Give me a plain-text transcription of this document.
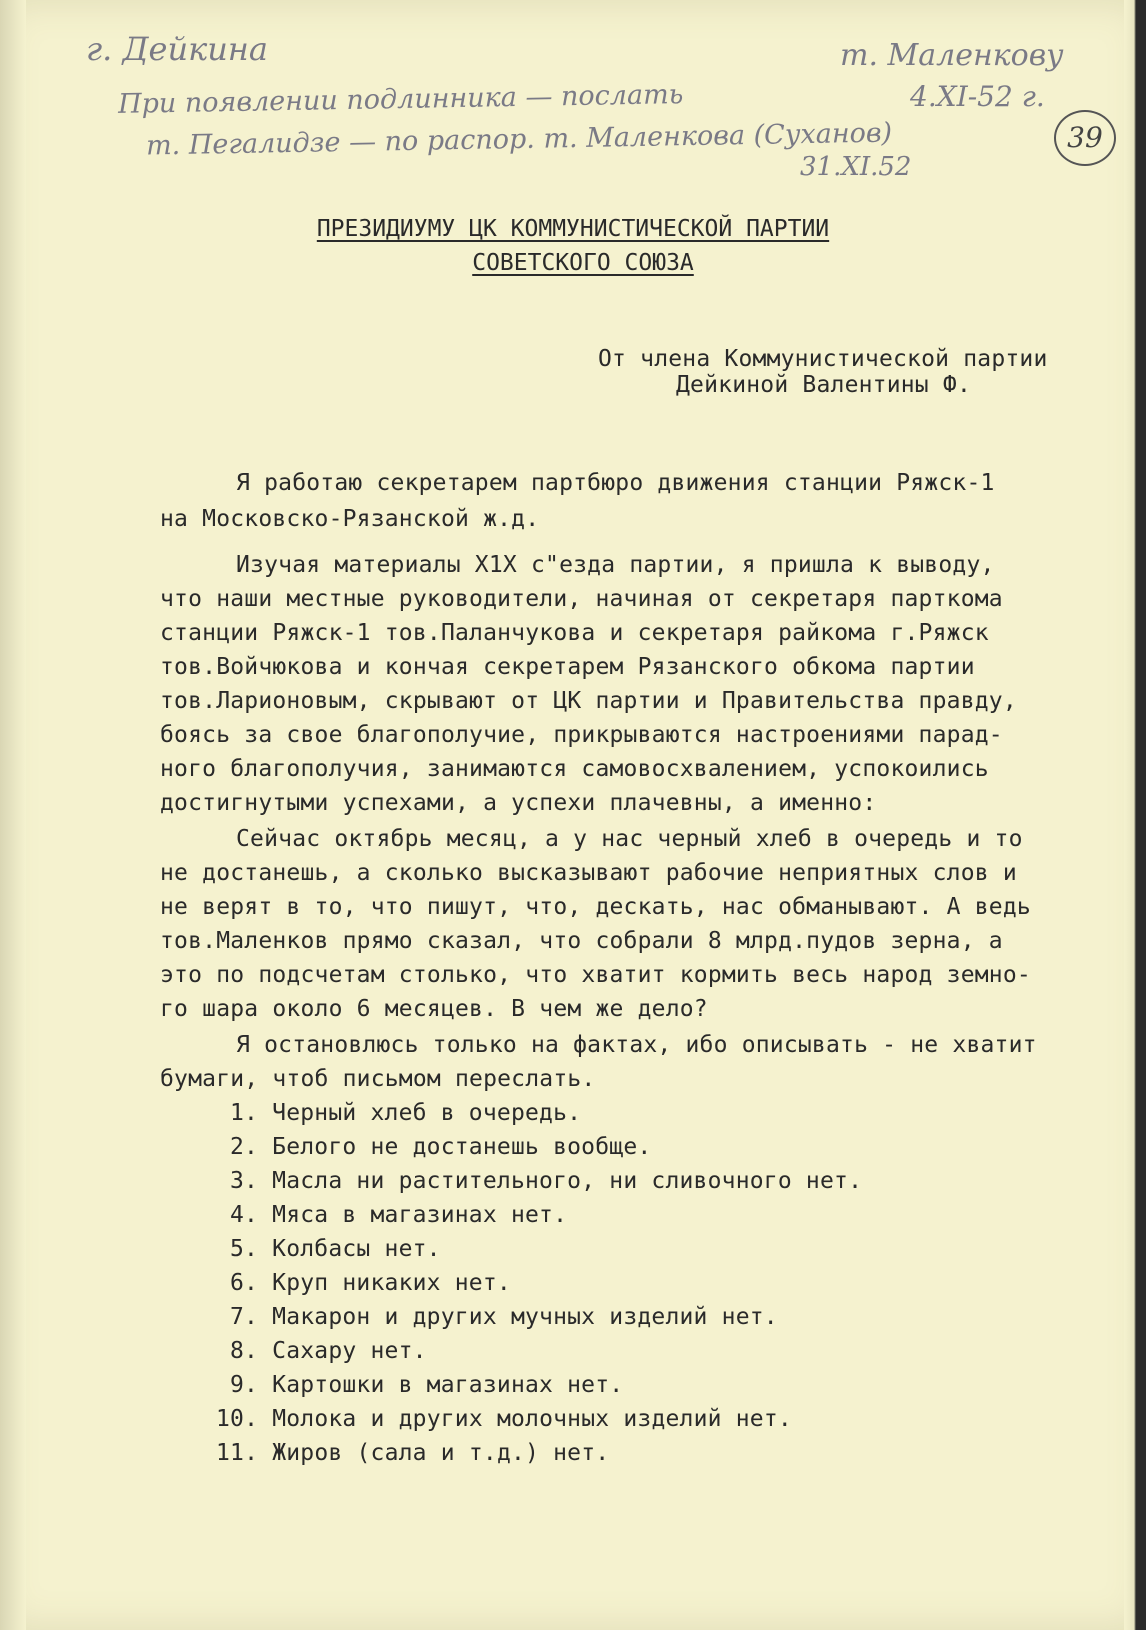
г. Дейкина	т. Маленкову
4.XI-52 г.
При появлении подлинника — послать
т. Пегалидзе — по распор. т. Маленкова (Суханов)
31.XI.52
39
ПРЕЗИДИУМУ ЦК КОММУНИСТИЧЕСКОЙ ПАРТИИ
СОВЕТСКОГО СОЮЗА
От члена Коммунистической партии
Дейкиной Валентины Ф.
Я работаю секретарем партбюро движения станции Ряжск-1
на Московско-Рязанской ж.д.
Изучая материалы Х1Х с"езда партии, я пришла к выводу,
что наши местные руководители, начиная от секретаря парткома
станции Ряжск-1 тов.Паланчукова и секретаря райкома г.Ряжск
тов.Войчюкова и кончая секретарем Рязанского обкома партии
тов.Ларионовым, скрывают от ЦК партии и Правительства правду,
боясь за свое благополучие, прикрываются настроениями парад-
ного благополучия, занимаются самовосхвалением, успокоились
достигнутыми успехами, а успехи плачевны, а именно:
Сейчас октябрь месяц, а у нас черный хлеб в очередь и то
не достанешь, а сколько высказывают рабочие неприятных слов и
не верят в то, что пишут, что, дескать, нас обманывают. А ведь
тов.Маленков прямо сказал, что собрали 8 млрд.пудов зерна, а
это по подсчетам столько, что хватит кормить весь народ земно-
го шара около 6 месяцев. В чем же дело?
Я остановлюсь только на фактах, ибо описывать - не хватит
бумаги, чтоб письмом переслать.
1. Черный хлеб в очередь.
2. Белого не достанешь вообще.
3. Масла ни растительного, ни сливочного нет.
4. Мяса в магазинах нет.
5. Колбасы нет.
6. Круп никаких нет.
7. Макарон и других мучных изделий нет.
8. Сахару нет.
9. Картошки в магазинах нет.
10. Молока и других молочных изделий нет.
11. Жиров (сала и т.д.) нет.
